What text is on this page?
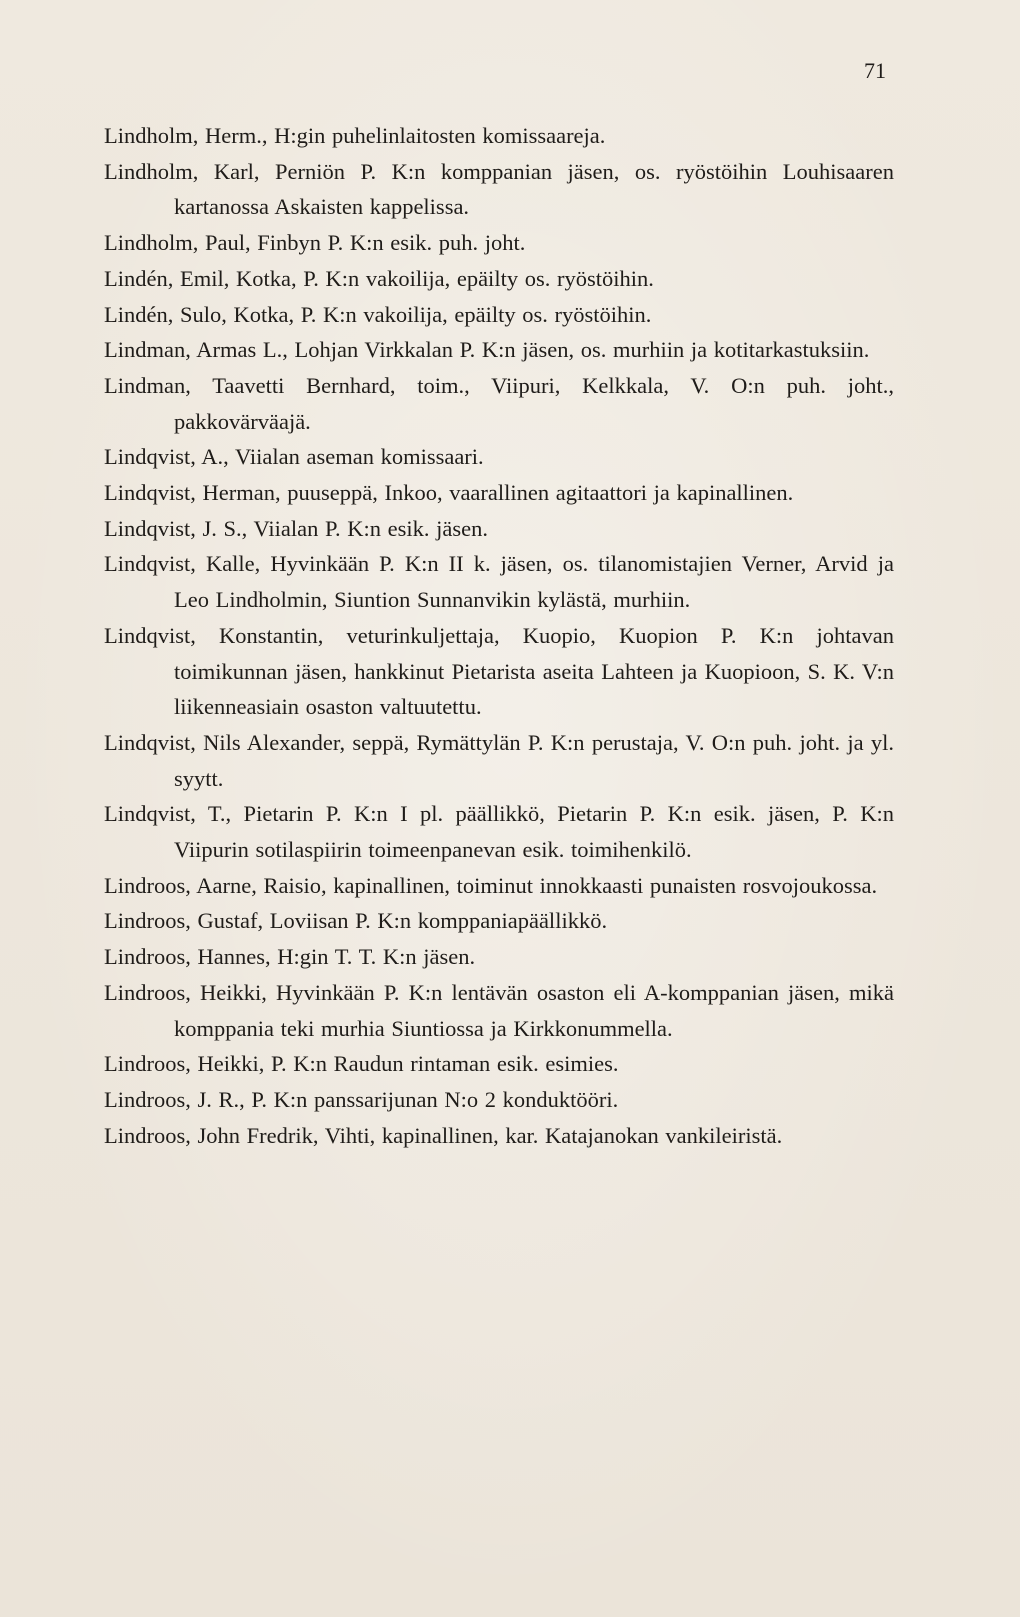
71
Lindholm, Herm., H:gin puhelinlaitosten komissaareja.
Lindholm, Karl, Perniön P. K:n komppanian jäsen, os. ryöstöihin Louhisaaren kartanossa Askaisten kappelissa.
Lindholm, Paul, Finbyn P. K:n esik. puh. joht.
Lindén, Emil, Kotka, P. K:n vakoilija, epäilty os. ryöstöihin.
Lindén, Sulo, Kotka, P. K:n vakoilija, epäilty os. ryöstöihin.
Lindman, Armas L., Lohjan Virkkalan P. K:n jäsen, os. murhiin ja kotitarkastuksiin.
Lindman, Taavetti Bernhard, toim., Viipuri, Kelkkala, V. O:n puh. joht., pakkovärväajä.
Lindqvist, A., Viialan aseman komissaari.
Lindqvist, Herman, puuseppä, Inkoo, vaarallinen agitaattori ja kapinallinen.
Lindqvist, J. S., Viialan P. K:n esik. jäsen.
Lindqvist, Kalle, Hyvinkään P. K:n II k. jäsen, os. tilanomistajien Verner, Arvid ja Leo Lindholmin, Siuntion Sunnanvikin kylästä, murhiin.
Lindqvist, Konstantin, veturinkuljettaja, Kuopio, Kuopion P. K:n johtavan toimikunnan jäsen, hankkinut Pietarista aseita Lahteen ja Kuopioon, S. K. V:n liikenneasiain osaston valtuutettu.
Lindqvist, Nils Alexander, seppä, Rymättylän P. K:n perustaja, V. O:n puh. joht. ja yl. syytt.
Lindqvist, T., Pietarin P. K:n I pl. päällikkö, Pietarin P. K:n esik. jäsen, P. K:n Viipurin sotilaspiirin toimeenpanevan esik. toimihenkilö.
Lindroos, Aarne, Raisio, kapinallinen, toiminut innokkaasti punaisten rosvojoukossa.
Lindroos, Gustaf, Loviisan P. K:n komppaniapäällikkö.
Lindroos, Hannes, H:gin T. T. K:n jäsen.
Lindroos, Heikki, Hyvinkään P. K:n lentävän osaston eli A-komppanian jäsen, mikä komppania teki murhia Siuntiossa ja Kirkkonummella.
Lindroos, Heikki, P. K:n Raudun rintaman esik. esimies.
Lindroos, J. R., P. K:n panssarijunan N:o 2 konduktööri.
Lindroos, John Fredrik, Vihti, kapinallinen, kar. Katajanokan vankileiristä.
